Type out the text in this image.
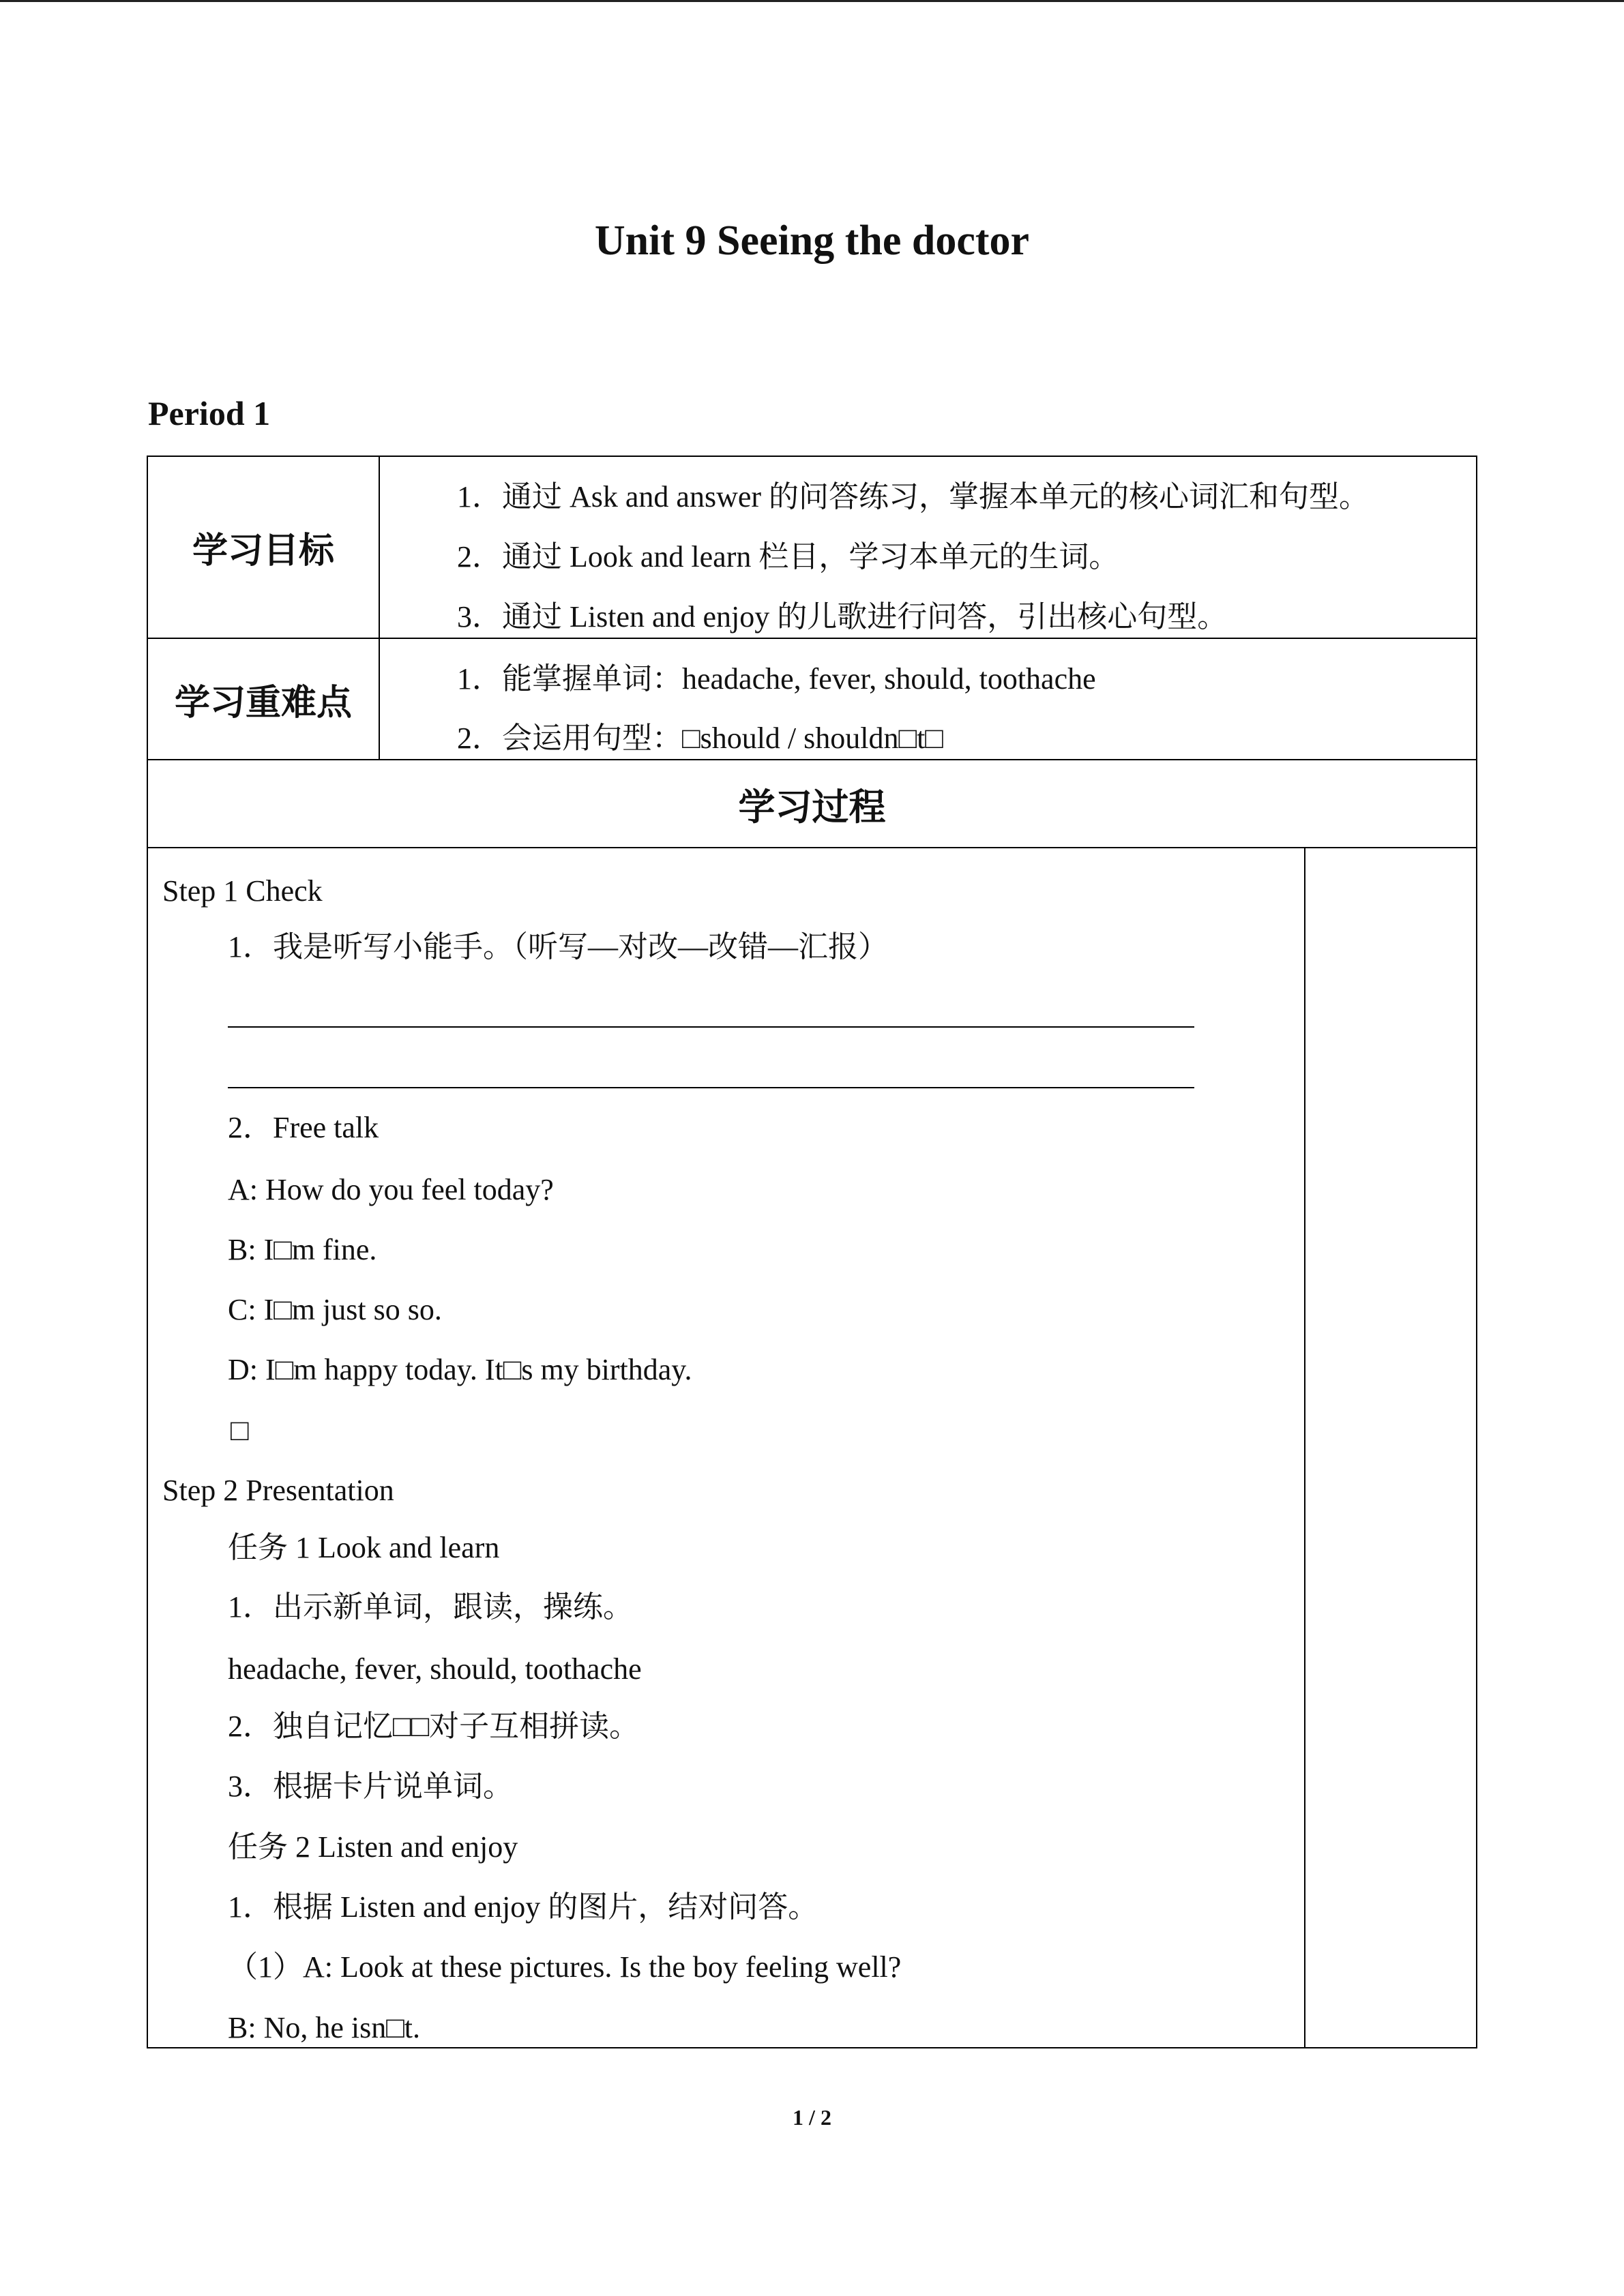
Unit 9 Seeing the doctor
Period 1
学习目标
1．通过 Ask and answer 的问答练习，掌握本单元的核心词汇和句型。
2．通过 Look and learn 栏目，学习本单元的生词。
3．通过 Listen and enjoy 的儿歌进行问答，引出核心句型。
学习重难点
1．能掌握单词：headache, fever, should, toothache
2．会运用句型：□should / shouldn□t□
学习过程
Step 1 Check
1．我是听写小能手。（听写—对改—改错—汇报）
2．Free talk
A: How do you feel today?
B: I□m fine.
C: I□m just so so.
D: I□m happy today. It□s my birthday.
□
Step 2 Presentation
任务 1 Look and learn
1．出示新单词，跟读，操练。
headache, fever, should, toothache
2．独自记忆□□对子互相拼读。
3．根据卡片说单词。
任务 2 Listen and enjoy
1．根据 Listen and enjoy 的图片，结对问答。
（1）A: Look at these pictures. Is the boy feeling well?
B: No, he isn□t.
1 / 2
